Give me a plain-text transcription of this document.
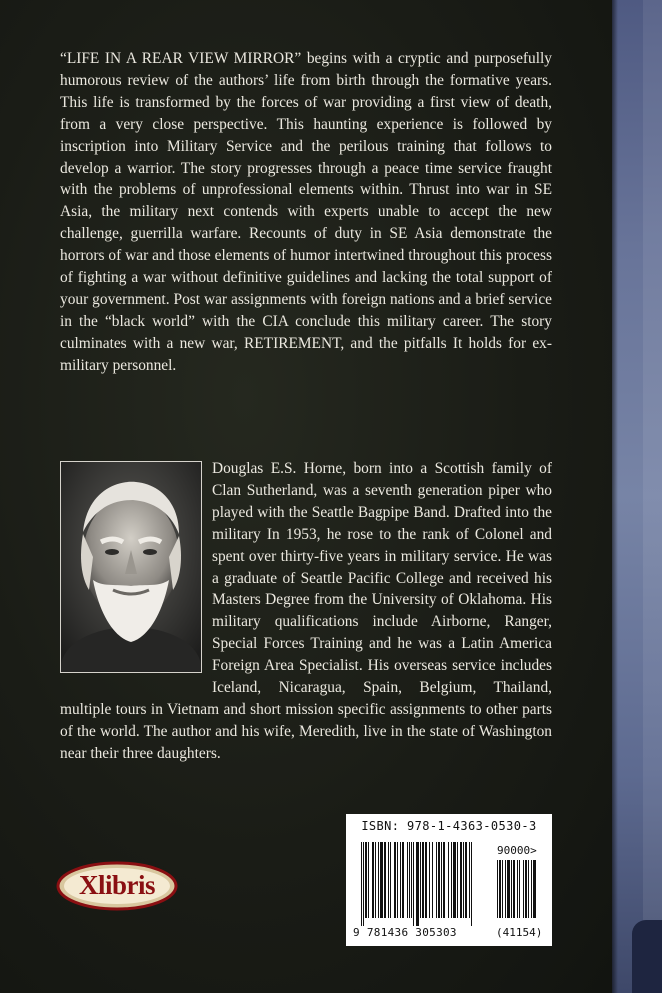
“LIFE IN A REAR VIEW MIRROR” begins with a cryptic and purposefully humorous review of the authors’ life from birth through the formative years. This life is transformed by the forces of war providing a first view of death, from a very close perspective. This haunting experience is followed by inscription into Military Service and the perilous training that follows to develop a warrior. The story progresses through a peace time service fraught with the problems of unprofessional elements within. Thrust into war in SE Asia, the military next contends with experts unable to accept the new challenge, guerrilla warfare. Recounts of duty in SE Asia demonstrate the horrors of war and those elements of humor intertwined throughout this process of fighting a war without definitive guidelines and lacking the total support of your government. Post war assignments with foreign nations and a brief service in the “black world” with the CIA conclude this military career. The story culminates with a new war, RETIREMENT, and the pitfalls It holds for ex-military personnel.

Douglas E.S. Horne, born into a Scottish family of Clan Sutherland, was a seventh generation piper who played with the Seattle Bagpipe Band. Drafted into the military In 1953, he rose to the rank of Colonel and spent over thirty-five years in military service. He was a graduate of Seattle Pacific College and received his Masters Degree from the University of Oklahoma. His military qualifications include Airborne, Ranger, Special Forces Training and he was a Latin America Foreign Area Specialist. His overseas service includes Iceland, Nicaragua, Spain, Belgium, Thailand, multiple tours in Vietnam and short mission specific assignments to other parts of the world. The author and his wife, Meredith, live in the state of Washington near their three daughters.
ISBN: 978-1-4363-0530-3
90000>
9 781436 305303	(41154)
Xlibris
